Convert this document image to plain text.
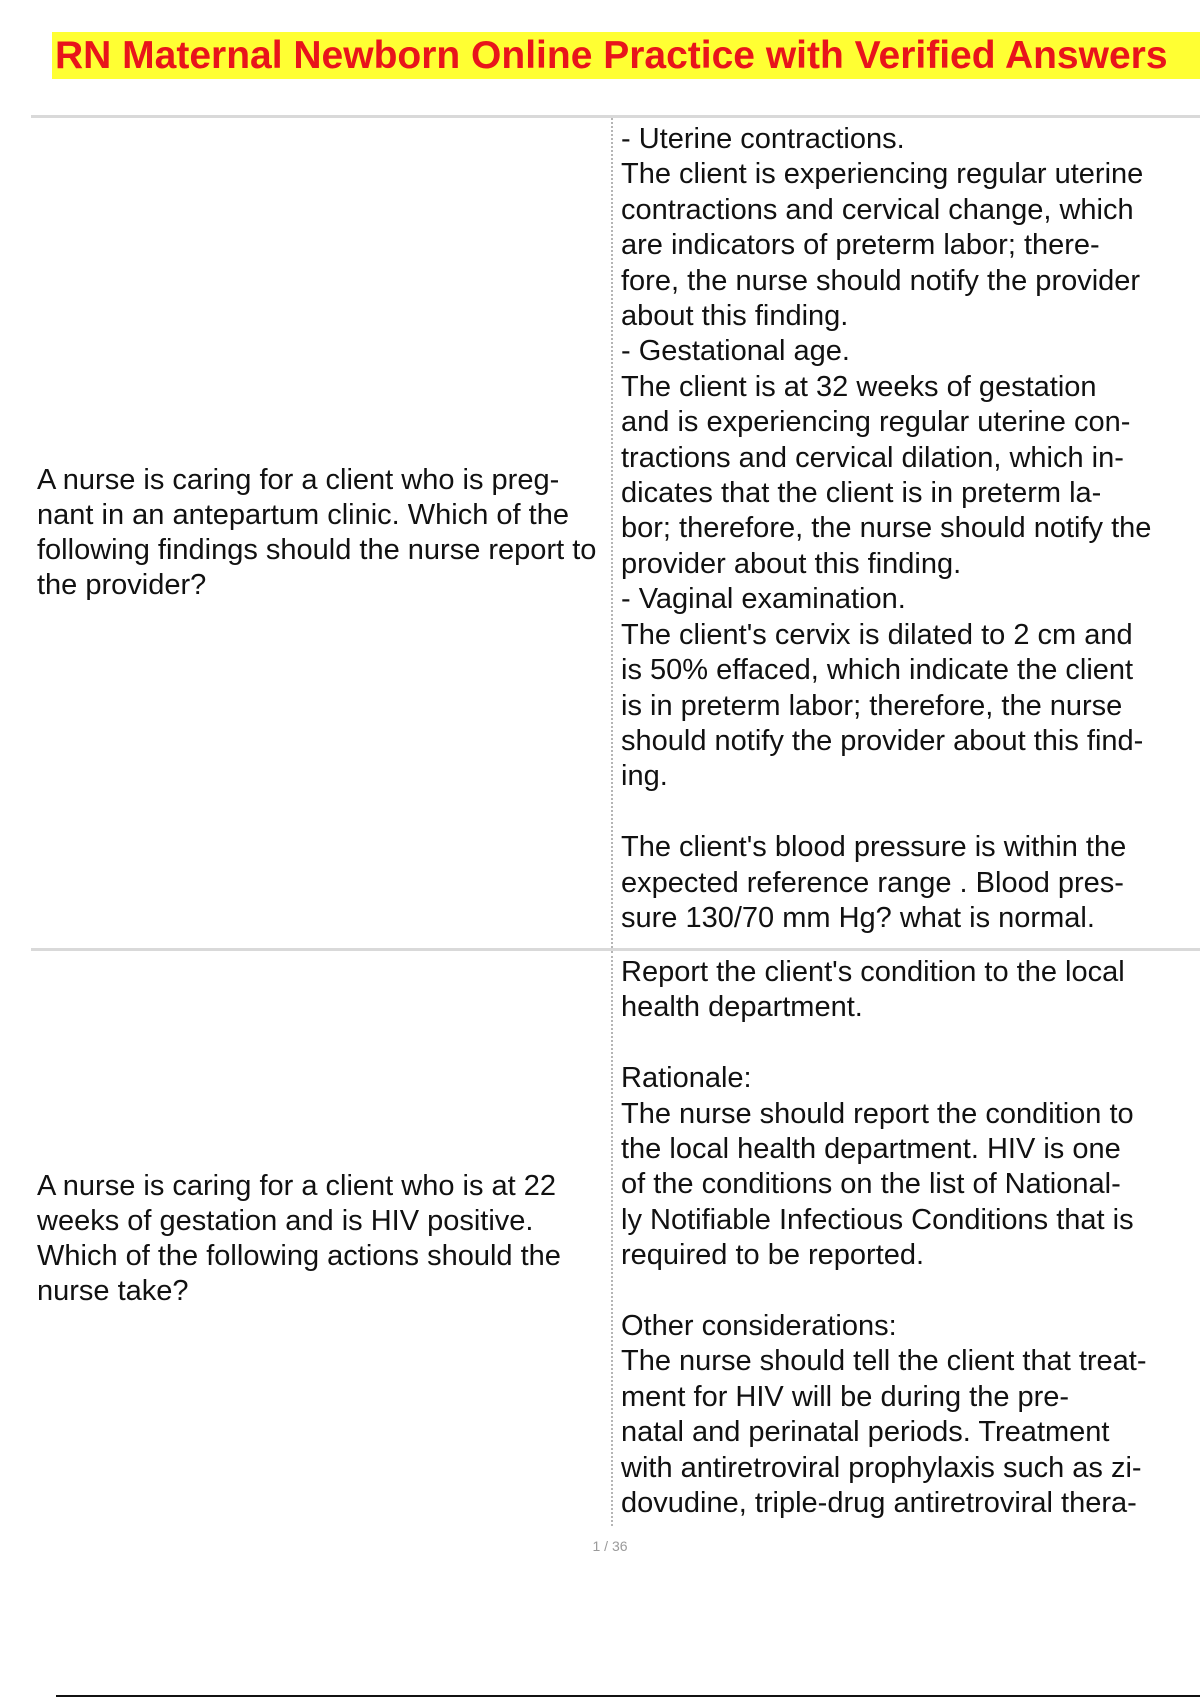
RN Maternal Newborn Online Practice with Verified Answers

A nurse is caring for a client who is preg-nant in an antepartum clinic. Which of the following findings should the nurse report to the provider?

- Uterine contractions.
The client is experiencing regular uterine
contractions and cervical change, which
are indicators of preterm labor; there-
fore, the nurse should notify the provider
about this finding.
- Gestational age.
The client is at 32 weeks of gestation
and is experiencing regular uterine con-
tractions and cervical dilation, which in-
dicates that the client is in preterm la-
bor; therefore, the nurse should notify the
provider about this finding.
- Vaginal examination.
The client's cervix is dilated to 2 cm and
is 50% effaced, which indicate the client
is in preterm labor; therefore, the nurse
should notify the provider about this find-
ing.
The client's blood pressure is within the
expected reference range . Blood pres-
sure 130/70 mm Hg? what is normal.

A nurse is caring for a client who is at 22 weeks of gestation and is HIV positive. Which of the following actions should the nurse take?

Report the client's condition to the local
health department.
Rationale:
The nurse should report the condition to
the local health department. HIV is one
of the conditions on the list of National-
ly Notifiable Infectious Conditions that is
required to be reported.
Other considerations:
The nurse should tell the client that treat-
ment for HIV will be during the pre-
natal and perinatal periods. Treatment
with antiretroviral prophylaxis such as zi-
dovudine, triple-drug antiretroviral thera-
1 / 36
